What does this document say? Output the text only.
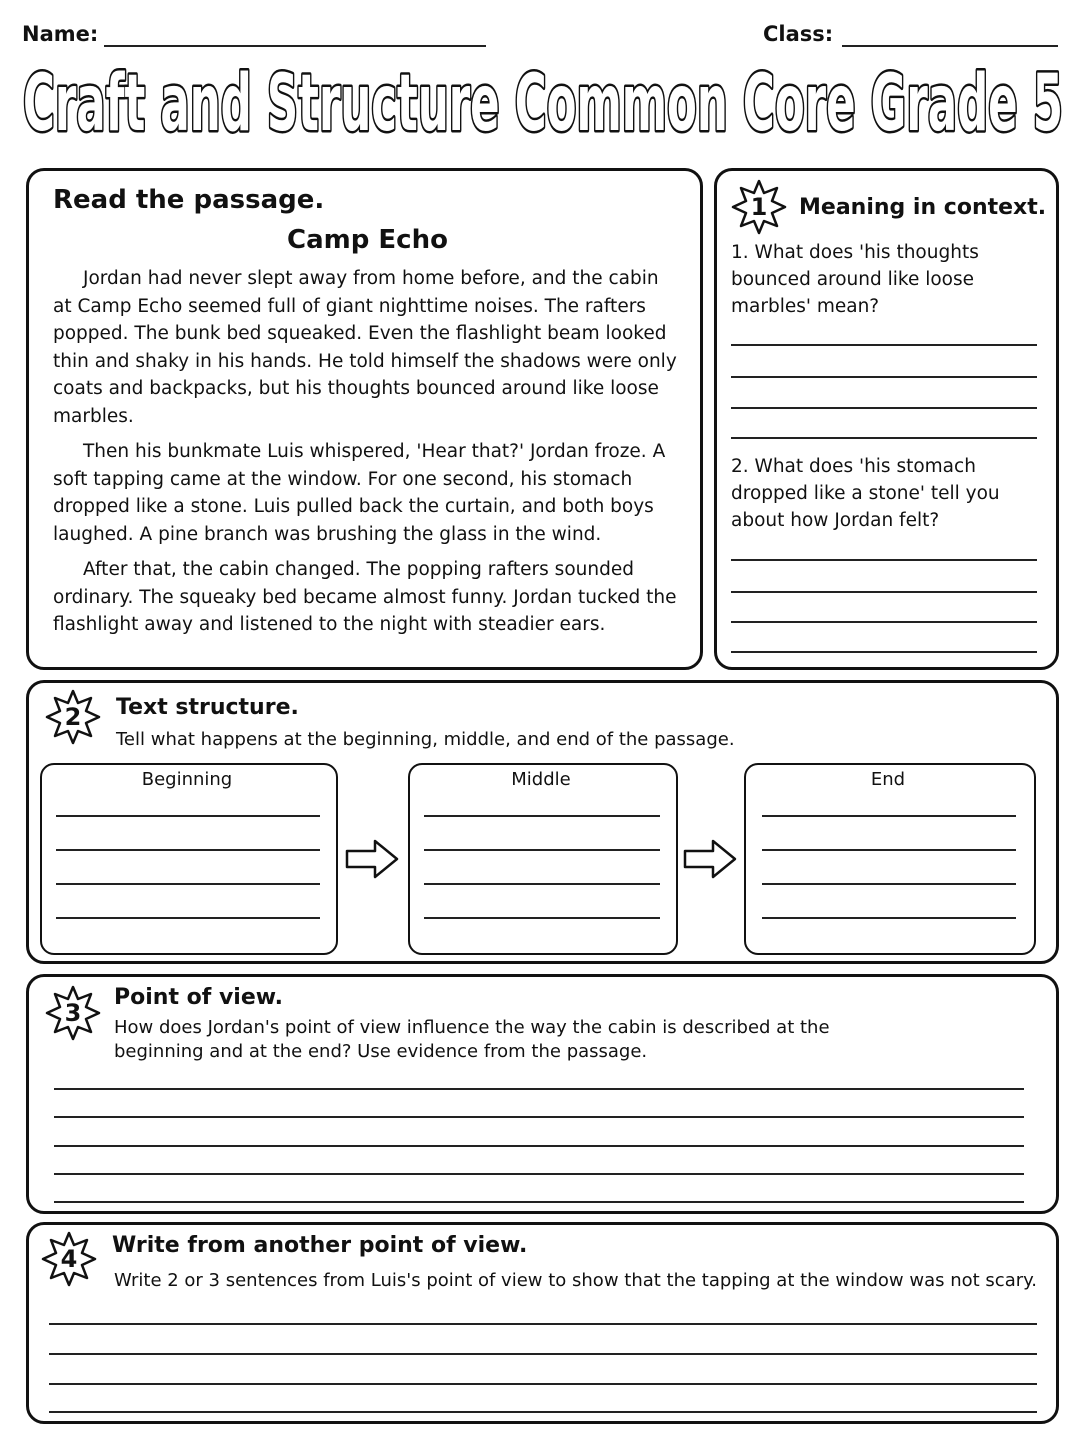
Name:	Class:
Craft and Structure Common Core Grade 5
Read the passage.
Camp Echo

Jordan had never slept away from home before, and the cabin at Camp Echo seemed full of giant nighttime noises. The rafters popped. The bunk bed squeaked. Even the flashlight beam looked thin and shaky in his hands. He told himself the shadows were only coats and backpacks, but his thoughts bounced around like loose marbles.

Then his bunkmate Luis whispered, 'Hear that?' Jordan froze. A soft tapping came at the window. For one second, his stomach dropped like a stone. Luis pulled back the curtain, and both boys laughed. A pine branch was brushing the glass in the wind.

After that, the cabin changed. The popping rafters sounded ordinary. The squeaky bed became almost funny. Jordan tucked the flashlight away and listened to the night with steadier ears.

1	Meaning in context.
1. What does 'his thoughts bounced around like loose marbles' mean?
2. What does 'his stomach dropped like a stone' tell you about how Jordan felt?
2	Text structure.
Tell what happens at the beginning, middle, and end of the passage.
Beginning	Middle	End
3
Point of view.
How does Jordan's point of view influence the way the cabin is described at the beginning and at the end? Use evidence from the passage.
4	Write from another point of view.
Write 2 or 3 sentences from Luis's point of view to show that the tapping at the window was not scary.
